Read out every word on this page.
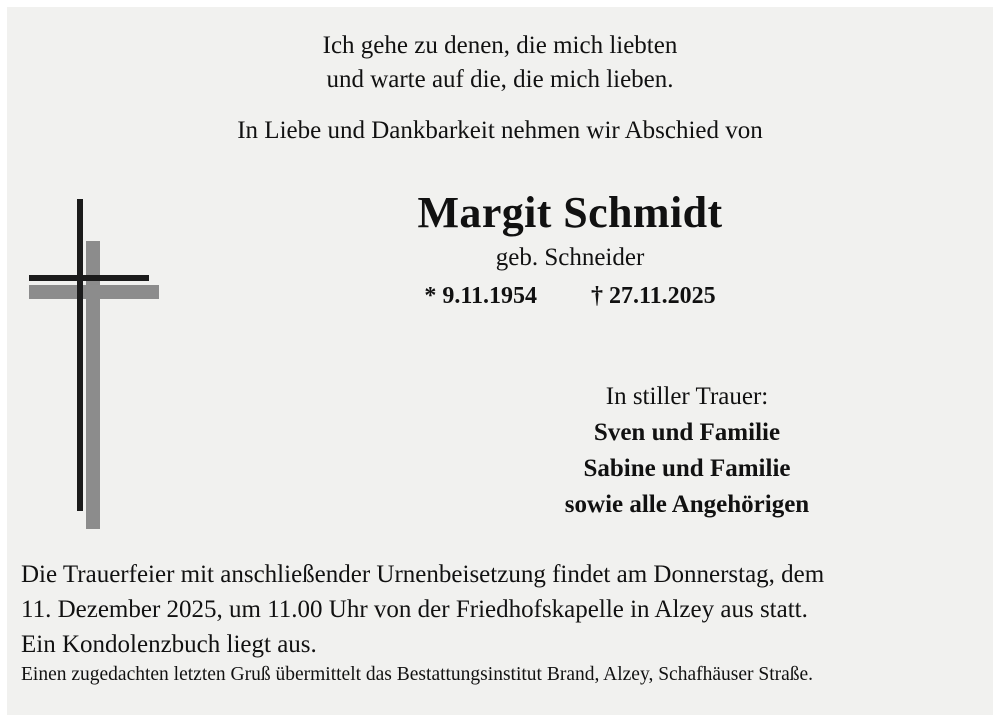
Ich gehe zu denen, die mich liebten
und warte auf die, die mich lieben.
In Liebe und Dankbarkeit nehmen wir Abschied von
Margit Schmidt
geb. Schneider
* 9.11.1954 † 27.11.2025
In stiller Trauer:
Sven und Familie
Sabine und Familie
sowie alle Angehörigen
Die Trauerfeier mit anschließender Urnenbeisetzung findet am Donnerstag, dem
11. Dezember 2025, um 11.00 Uhr von der Friedhofskapelle in Alzey aus statt.
Ein Kondolenzbuch liegt aus.
Einen zugedachten letzten Gruß übermittelt das Bestattungsinstitut Brand, Alzey, Schafhäuser Straße.
